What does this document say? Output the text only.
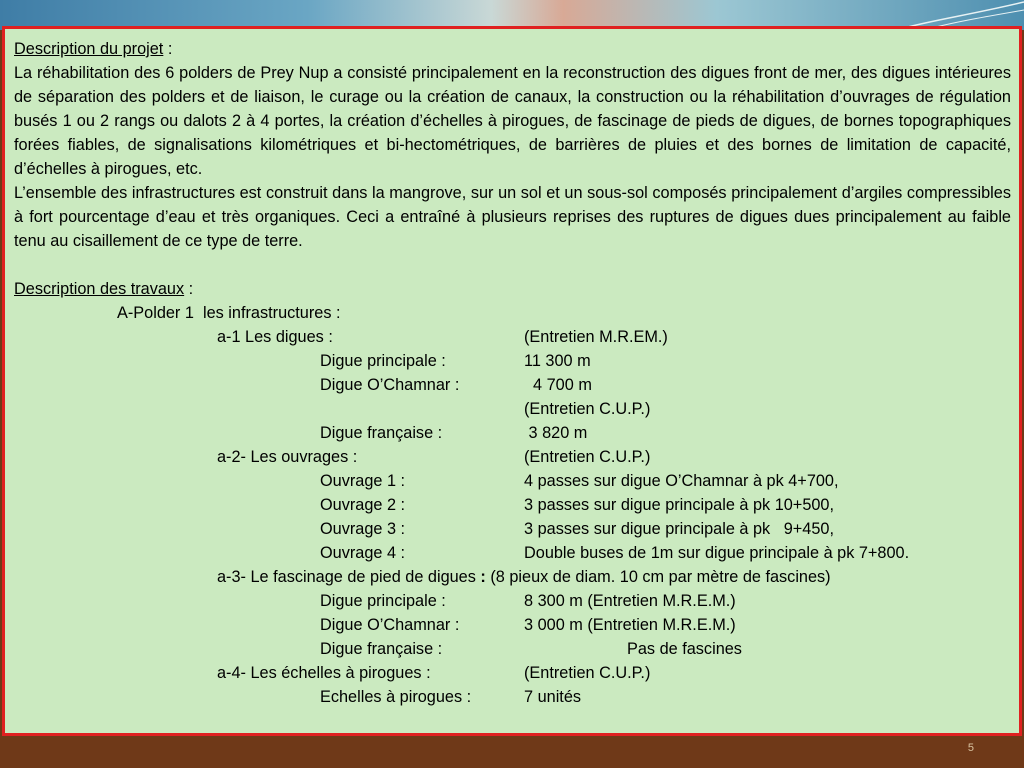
Description du projet :

La réhabilitation des 6 polders de Prey Nup a consisté principalement en la reconstruction des digues front de mer, des digues intérieures de séparation des polders et de liaison, le curage ou la création de canaux, la construction ou la réhabilitation d’ouvrages de régulation busés 1 ou 2 rangs ou dalots 2 à 4 portes, la création d’échelles à pirogues, de fascinage de pieds de digues, de bornes topographiques forées fiables, de signalisations kilométriques et bi-hectométriques, de barrières de pluies et des bornes de limitation de capacité, d’échelles à pirogues, etc.

L’ensemble des infrastructures est construit dans la mangrove, sur un sol et un sous-sol composés principalement d’argiles compressibles à fort pourcentage d’eau et très organiques. Ceci a entraîné à plusieurs reprises des ruptures de digues dues principalement au faible tenu au cisaillement de ce type de terre.

Description des travaux :

A-Polder 1  les infrastructures :
a-1 Les digues :	(Entretien M.R.EM.)
Digue principale :	11 300 m
Digue O’Chamnar :	4 700 m
(Entretien C.U.P.)
Digue française :	3 820 m
a-2- Les ouvrages :	(Entretien C.U.P.)
Ouvrage 1 :	4 passes sur digue O’Chamnar à pk 4+700,
Ouvrage 2 :	3 passes sur digue principale à pk 10+500,
Ouvrage 3 :	3 passes sur digue principale à pk   9+450,
Ouvrage 4 :	Double buses de 1m sur digue principale à pk 7+800.
a-3- Le fascinage de pied de digues : (8 pieux de diam. 10 cm par mètre de fascines)
Digue principale :	8 300 m (Entretien M.R.E.M.)
Digue O’Chamnar :	3 000 m (Entretien M.R.E.M.)
Digue française :	Pas de fascines
a-4- Les échelles à pirogues :	(Entretien C.U.P.)
Echelles à pirogues :	7 unités
5
